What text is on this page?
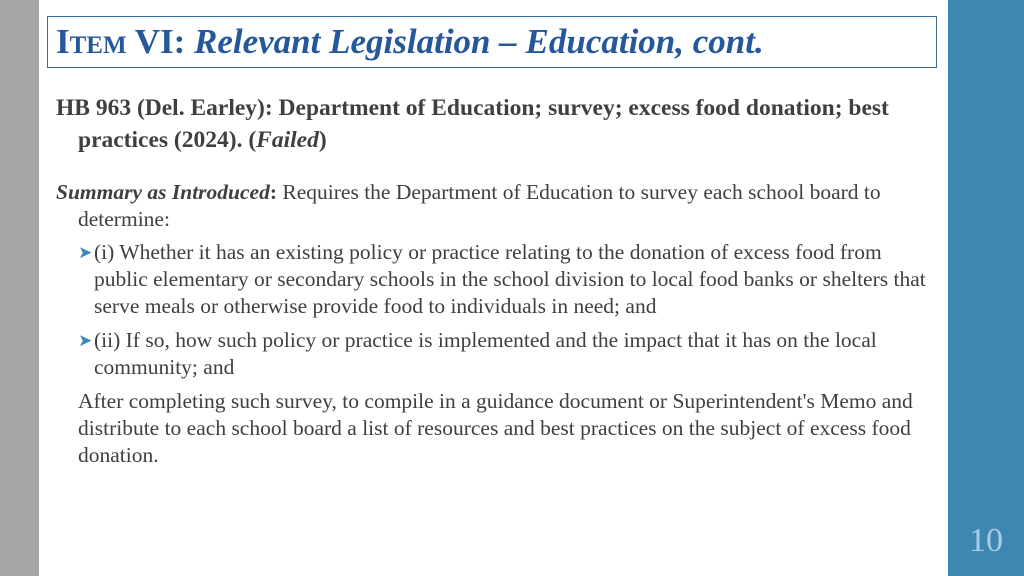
10
ITEM VI: Relevant Legislation – Education, cont.

HB 963 (Del. Earley): Department of Education; survey; excess food donation; best practices (2024). (Failed)

Summary as Introduced: Requires the Department of Education to survey each school board to determine:

➤ (i) Whether it has an existing policy or practice relating to the donation of excess food from public elementary or secondary schools in the school division to local food banks or shelters that serve meals or otherwise provide food to individuals in need; and
➤ (ii) If so, how such policy or practice is implemented and the impact that it has on the local community; and

After completing such survey, to compile in a guidance document or Superintendent's Memo and distribute to each school board a list of resources and best practices on the subject of excess food donation.
